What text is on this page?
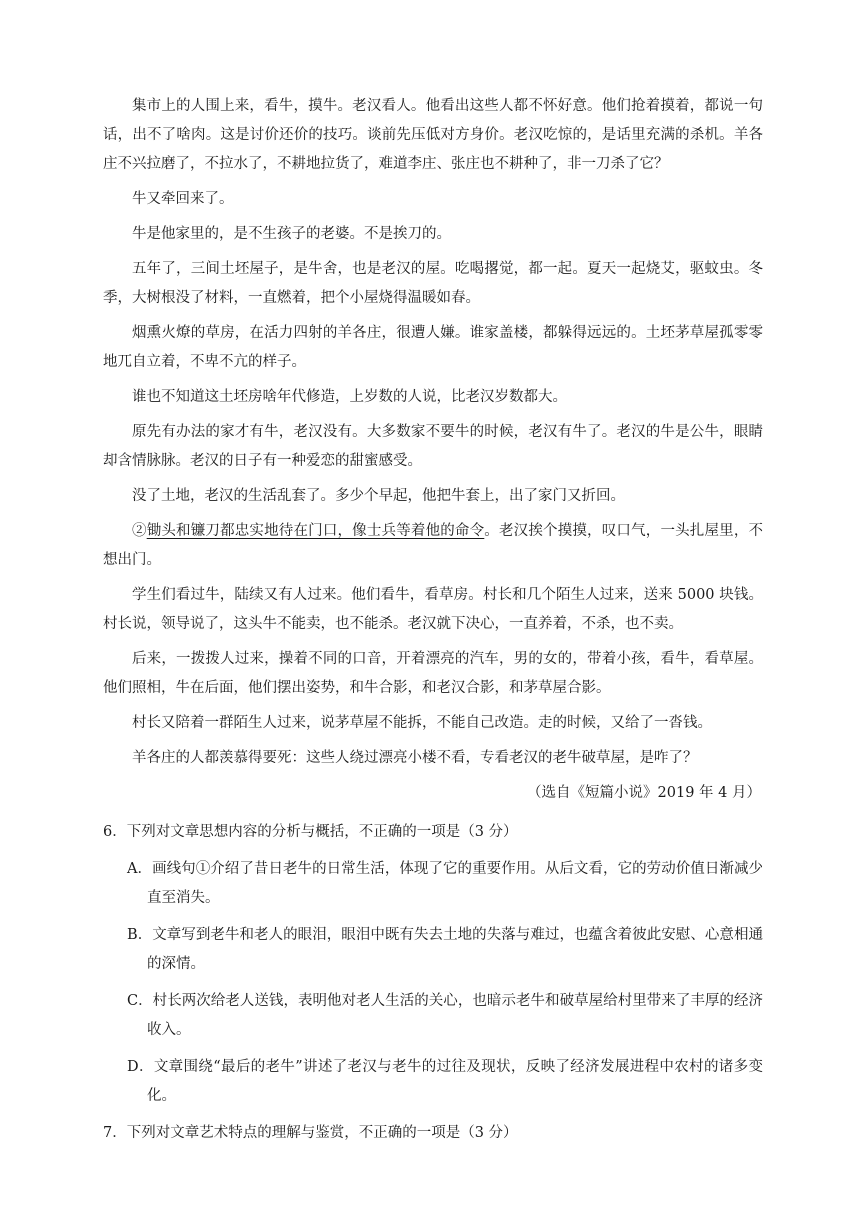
集市上的人围上来，看牛，摸牛。老汉看人。他看出这些人都不怀好意。他们抢着摸着，都说一句话，出不了啥肉。这是讨价还价的技巧。谈前先压低对方身价。老汉吃惊的，是话里充满的杀机。羊各庄不兴拉磨了，不拉水了，不耕地拉货了，难道李庄、张庄也不耕种了，非一刀杀了它？

牛又牵回来了。

牛是他家里的，是不生孩子的老婆。不是挨刀的。

五年了，三间土坯屋子，是牛舍，也是老汉的屋。吃喝撂觉，都一起。夏天一起烧艾，驱蚊虫。冬季，大树根没了材料，一直燃着，把个小屋烧得温暖如春。

烟熏火燎的草房，在活力四射的羊各庄，很遭人嫌。谁家盖楼，都躲得远远的。土坯茅草屋孤零零地兀自立着，不卑不亢的样子。

谁也不知道这土坯房啥年代修造，上岁数的人说，比老汉岁数都大。

原先有办法的家才有牛，老汉没有。大多数家不要牛的时候，老汉有牛了。老汉的牛是公牛，眼睛却含情脉脉。老汉的日子有一种爱恋的甜蜜感受。

没了土地，老汉的生活乱套了。多少个早起，他把牛套上，出了家门又折回。

②锄头和镰刀都忠实地待在门口，像士兵等着他的命令。老汉挨个摸摸，叹口气，一头扎屋里，不想出门。

学生们看过牛，陆续又有人过来。他们看牛，看草房。村长和几个陌生人过来，送来 5000 块钱。村长说，领导说了，这头牛不能卖，也不能杀。老汉就下决心，一直养着，不杀，也不卖。

后来，一拨拨人过来，操着不同的口音，开着漂亮的汽车，男的女的，带着小孩，看牛，看草屋。他们照相，牛在后面，他们摆出姿势，和牛合影，和老汉合影，和茅草屋合影。

村长又陪着一群陌生人过来，说茅草屋不能拆，不能自己改造。走的时候，又给了一沓钱。

羊各庄的人都羡慕得要死：这些人绕过漂亮小楼不看，专看老汉的老牛破草屋，是咋了？

（选自《短篇小说》2019 年 4 月）

6．下列对文章思想内容的分析与概括，不正确的一项是（3 分）

A．画线句①介绍了昔日老牛的日常生活，体现了它的重要作用。从后文看，它的劳动价值日渐减少直至消失。

B．文章写到老牛和老人的眼泪，眼泪中既有失去土地的失落与难过，也蕴含着彼此安慰、心意相通的深情。

C．村长两次给老人送钱，表明他对老人生活的关心，也暗示老牛和破草屋给村里带来了丰厚的经济收入。

D．文章围绕“最后的老牛”讲述了老汉与老牛的过往及现状，反映了经济发展进程中农村的诸多变化。

7．下列对文章艺术特点的理解与鉴赏，不正确的一项是（3 分）
